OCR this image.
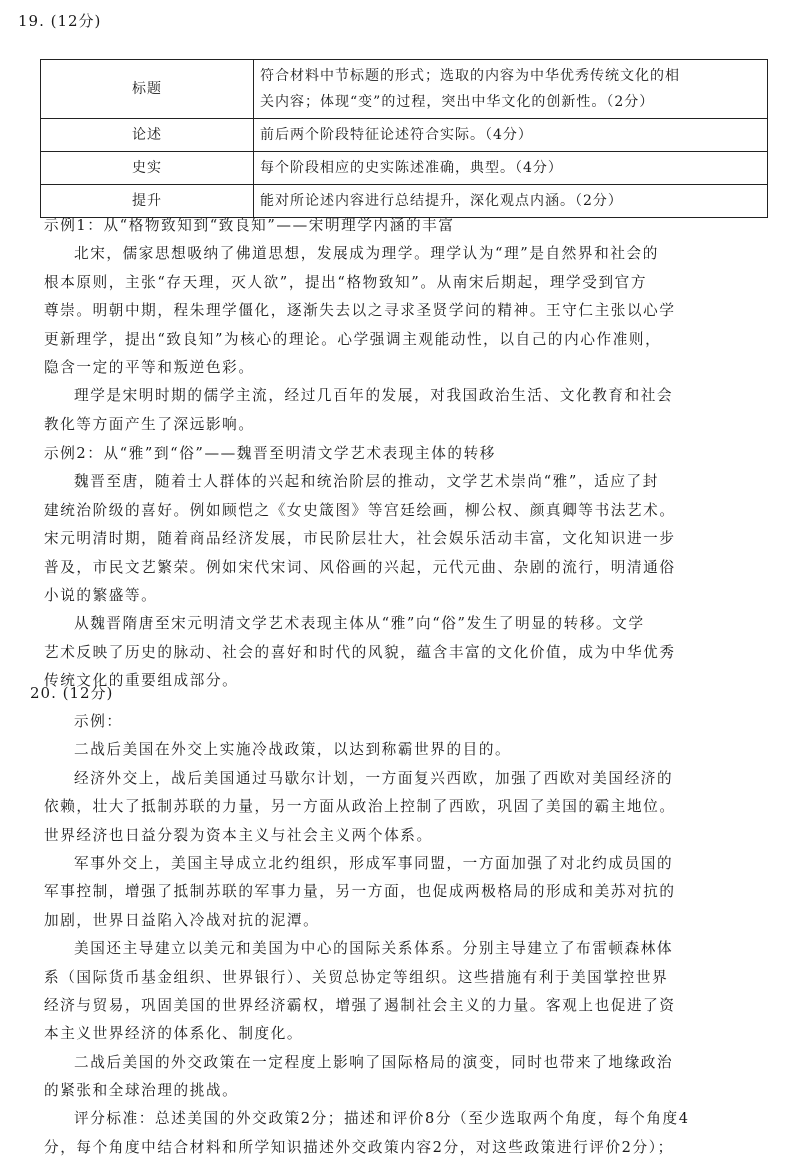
19. (12分)
标题	符合材料中节标题的形式；选取的内容为中华优秀传统文化的相
关内容；体现“变”的过程，突出中华文化的创新性。（2分）

论述	前后两个阶段特征论述符合实际。（4分）
史实	每个阶段相应的史实陈述准确，典型。（4分）
提升	能对所论述内容进行总结提升，深化观点内涵。（2分）
示例1：从“格物致知到“致良知”——宋明理学内涵的丰富
北宋，儒家思想吸纳了佛道思想，发展成为理学。理学认为“理”是自然界和社会的
根本原则，主张“存天理，灭人欲”，提出“格物致知”。从南宋后期起，理学受到官方
尊崇。明朝中期，程朱理学僵化，逐渐失去以之寻求圣贤学问的精神。王守仁主张以心学
更新理学，提出“致良知”为核心的理论。心学强调主观能动性，以自己的内心作准则，
隐含一定的平等和叛逆色彩。
理学是宋明时期的儒学主流，经过几百年的发展，对我国政治生活、文化教育和社会
教化等方面产生了深远影响。
示例2：从“雅”到“俗”——魏晋至明清文学艺术表现主体的转移
魏晋至唐，随着士人群体的兴起和统治阶层的推动，文学艺术崇尚“雅”，适应了封
建统治阶级的喜好。例如顾恺之《女史箴图》等宫廷绘画，柳公权、颜真卿等书法艺术。
宋元明清时期，随着商品经济发展，市民阶层壮大，社会娱乐活动丰富，文化知识进一步
普及，市民文艺繁荣。例如宋代宋词、风俗画的兴起，元代元曲、杂剧的流行，明清通俗
小说的繁盛等。
从魏晋隋唐至宋元明清文学艺术表现主体从“雅”向“俗”发生了明显的转移。文学
艺术反映了历史的脉动、社会的喜好和时代的风貌，蕴含丰富的文化价值，成为中华优秀
传统文化的重要组成部分。
20. (12分)
示例：
二战后美国在外交上实施冷战政策，以达到称霸世界的目的。
经济外交上，战后美国通过马歇尔计划，一方面复兴西欧，加强了西欧对美国经济的
依赖，壮大了抵制苏联的力量，另一方面从政治上控制了西欧，巩固了美国的霸主地位。
世界经济也日益分裂为资本主义与社会主义两个体系。
军事外交上，美国主导成立北约组织，形成军事同盟，一方面加强了对北约成员国的
军事控制，增强了抵制苏联的军事力量，另一方面，也促成两极格局的形成和美苏对抗的
加剧，世界日益陷入冷战对抗的泥潭。
美国还主导建立以美元和美国为中心的国际关系体系。分别主导建立了布雷顿森林体
系（国际货币基金组织、世界银行）、关贸总协定等组织。这些措施有利于美国掌控世界
经济与贸易，巩固美国的世界经济霸权，增强了遏制社会主义的力量。客观上也促进了资
本主义世界经济的体系化、制度化。
二战后美国的外交政策在一定程度上影响了国际格局的演变，同时也带来了地缘政治
的紧张和全球治理的挑战。
评分标准：总述美国的外交政策2分；描述和评价8分（至少选取两个角度，每个角度4
分，每个角度中结合材料和所学知识描述外交政策内容2分，对这些政策进行评价2分）；
